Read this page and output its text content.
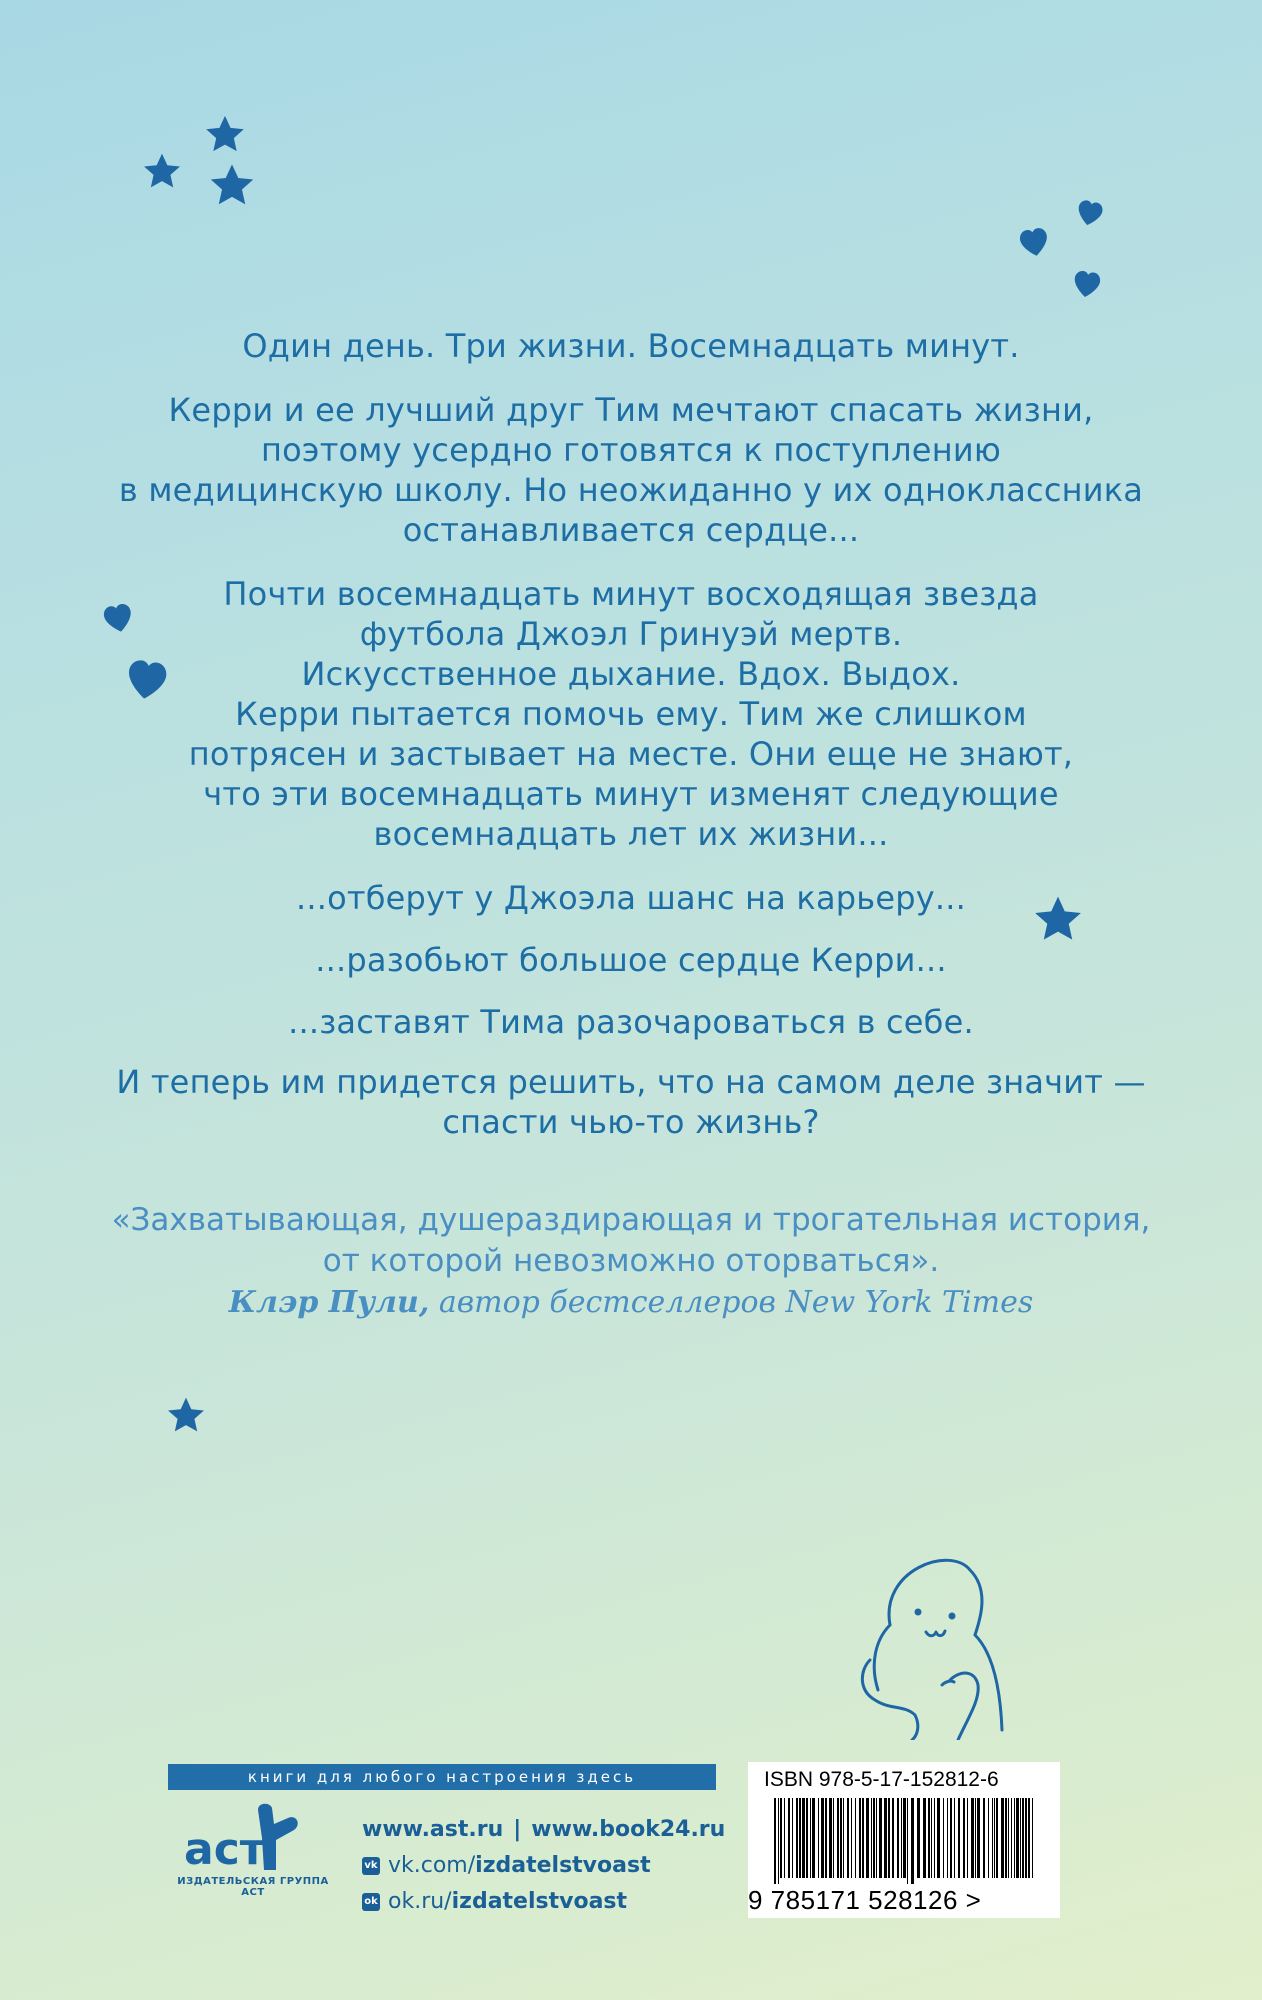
Один день. Три жизни. Восемнадцать минут.

Керри и ее лучший друг Тим мечтают спасать жизни,

поэтому усердно готовятся к поступлению

в медицинскую школу. Но неожиданно у их одноклассника

останавливается сердце...

Почти восемнадцать минут восходящая звезда

футбола Джоэл Гринуэй мертв.

Искусственное дыхание. Вдох. Выдох.

Керри пытается помочь ему. Тим же слишком

потрясен и застывает на месте. Они еще не знают,

что эти восемнадцать минут изменят следующие

восемнадцать лет их жизни...

...отберут у Джоэла шанс на карьеру...

...разобьют большое сердце Керри...

...заставят Тима разочароваться в себе.

И теперь им придется решить, что на самом деле значит —

спасти чью-то жизнь?

«Захватывающая, душераздирающая и трогательная история,

от которой невозможно оторваться».

Клэр Пули, автор бестселлеров New York Times

книги для любого настроения здесь
аст
ИЗДАТЕЛЬСКАЯ ГРУППА АСТ
www.ast.ru | www.book24.ru
vk vk.com/ izdatelstvoast
ok ok.ru/ izdatelstvoast
ISBN 978-5-17-152812-6
9 785171 528126 >
